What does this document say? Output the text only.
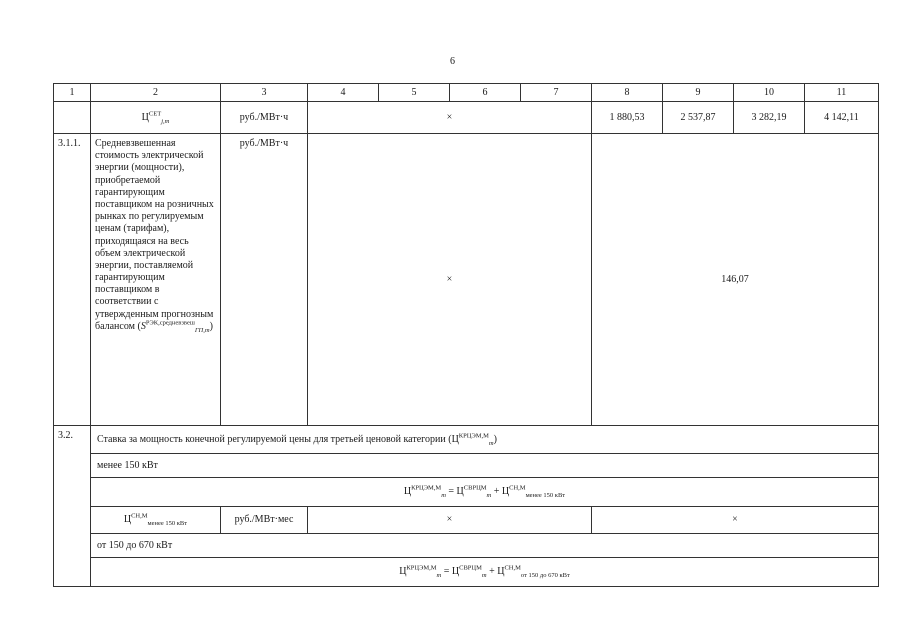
6
1	2	3	4	5	6	7	8	9	10	11
	$Ц^{СЕТ}_{j,m}$	руб./МВт·ч	×				1 880,53	2 537,87	3 282,19	4 142,11
3.1.1.	Средневзвешенная стоимость электрической энергии (мощности), приобретаемой гарантирующим поставщиком на розничных рынках по регулируемым ценам (тарифам), приходящаяся на весь объем электрической энергии, поставляемой гарантирующим поставщиком в соответствии с утвержденным прогнозным балансом $(S^{РЭК,средневзвеш}_{ГП,m})$	руб./МВт·ч	×				146,07			
3.2.	Ставка за мощность конечной регулируемой цены для третьей ценовой категории $(Ц^{КРЦЭМ,М}_m)$									
	менее 150 кВт									
	$Ц^{КРЦЭМ,М}_m = Ц^{СВРЦМ}_m + Ц^{СН,М}_{менее 150 кВт}$
	$Ц^{СН,М}_{менее 150 кВт}$	руб./МВт·мес	×				×			
	от 150 до 670 кВт									
	$Ц^{КРЦЭМ,М}_m = Ц^{СВРЦМ}_m + Ц^{СН,М}_{от 150 до 670 кВт}$
